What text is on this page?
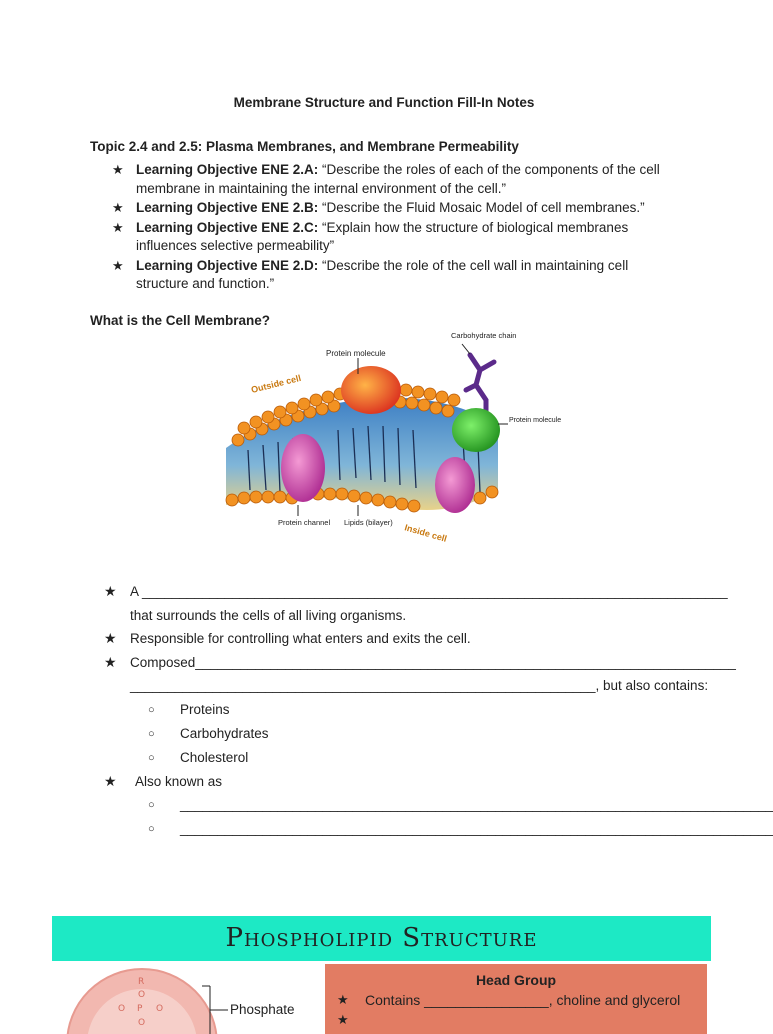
Membrane Structure and Function Fill-In Notes
Topic 2.4 and 2.5: Plasma Membranes, and Membrane Permeability
★ Learning Objective ENE 2.A: “Describe the roles of each of the components of the cell membrane in maintaining the internal environment of the cell.”
★ Learning Objective ENE 2.B: “Describe the Fluid Mosaic Model of cell membranes.”
★ Learning Objective ENE 2.C: “Explain how the structure of biological membranes influences selective permeability”
★ Learning Objective ENE 2.D: “Describe the role of the cell wall in maintaining cell structure and function.”
What is the Cell Membrane?
Outside cell
Inside cell
Protein molecule
Carbohydrate chain
Protein molecule
Protein channel Lipids (bilayer)
★ A ______________________________________________________________________________
that surrounds the cells of all living organisms.
★ Responsible for controlling what enters and exits the cell.
★ Composed________________________________________________________________________
______________________________________________________________, but also contains:
○ Proteins
○ Carbohydrates
○ Cholesterol
★	Also known as
○ _______________________________________________________________________________
○ _______________________________________________________________________________
Phospholipid Structure
R
O
O P O
O
Phosphate
Head Group
★ Contains ________________, choline and glycerol
★
